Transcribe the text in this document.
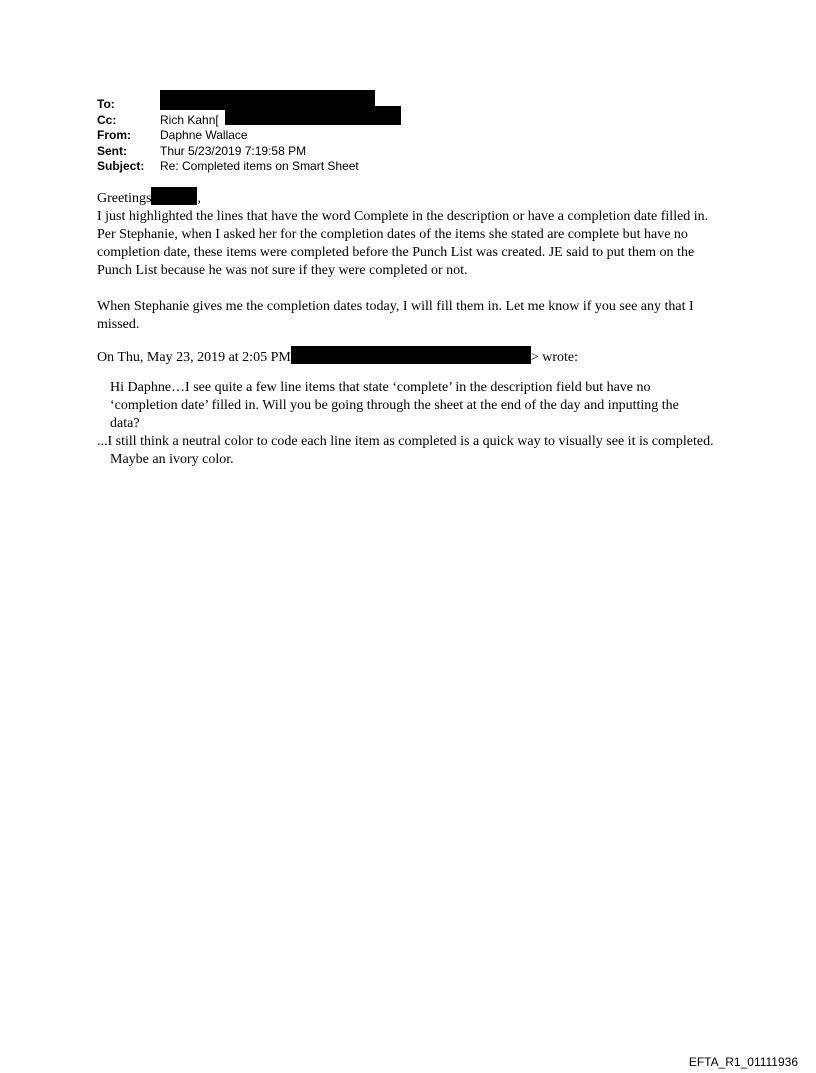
To:
Cc:	Rich Kahn[
From:	Daphne Wallace
Sent:	Thur 5/23/2019 7:19:58 PM
Subject:	Re: Completed items on Smart Sheet

Greetings	,

I just highlighted the lines that have the word Complete in the description or have a completion date filled in. Per Stephanie, when I asked her for the completion dates of the items she stated are complete but have no completion date, these items were completed before the Punch List was created. JE said to put them on the Punch List because he was not sure if they were completed or not.

When Stephanie gives me the completion dates today, I will fill them in. Let me know if you see any that I missed.

On Thu, May 23, 2019 at 2:05 PM	> wrote:

Hi Daphne…I see quite a few line items that state ‘complete’ in the description field but have no ‘completion date’ filled in. Will you be going through the sheet at the end of the day and inputting the data?

...I still think a neutral color to code each line item as completed is a quick way to visually see it is completed. Maybe an ivory color.

EFTA_R1_01111936
